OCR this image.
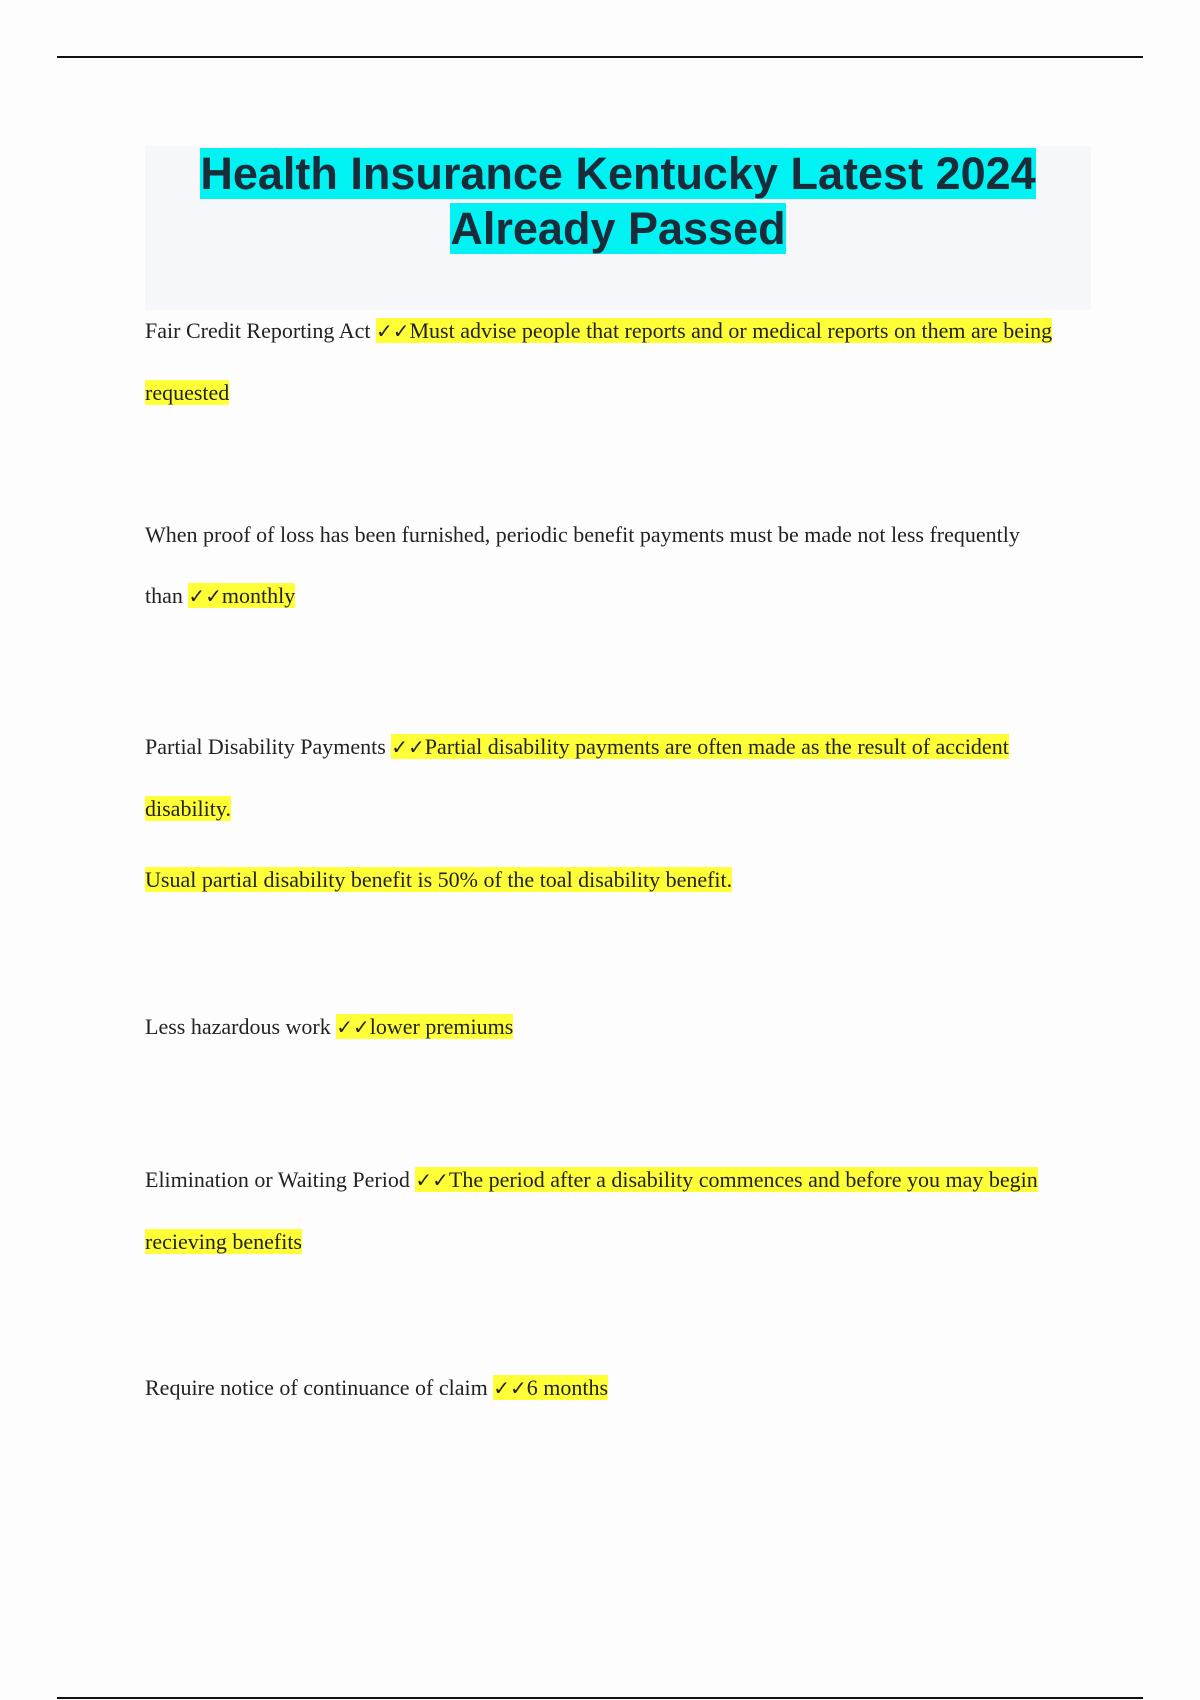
Health Insurance Kentucky Latest 2024
Already Passed

Fair Credit Reporting Act ✓✓Must advise people that reports and or medical reports on them are being requested

When proof of loss has been furnished, periodic benefit payments must be made not less frequently than ✓✓monthly

Partial Disability Payments ✓✓Partial disability payments are often made as the result of accident disability.

Usual partial disability benefit is 50% of the toal disability benefit.

Less hazardous work ✓✓lower premiums

Elimination or Waiting Period ✓✓The period after a disability commences and before you may begin recieving benefits

Require notice of continuance of claim ✓✓6 months
